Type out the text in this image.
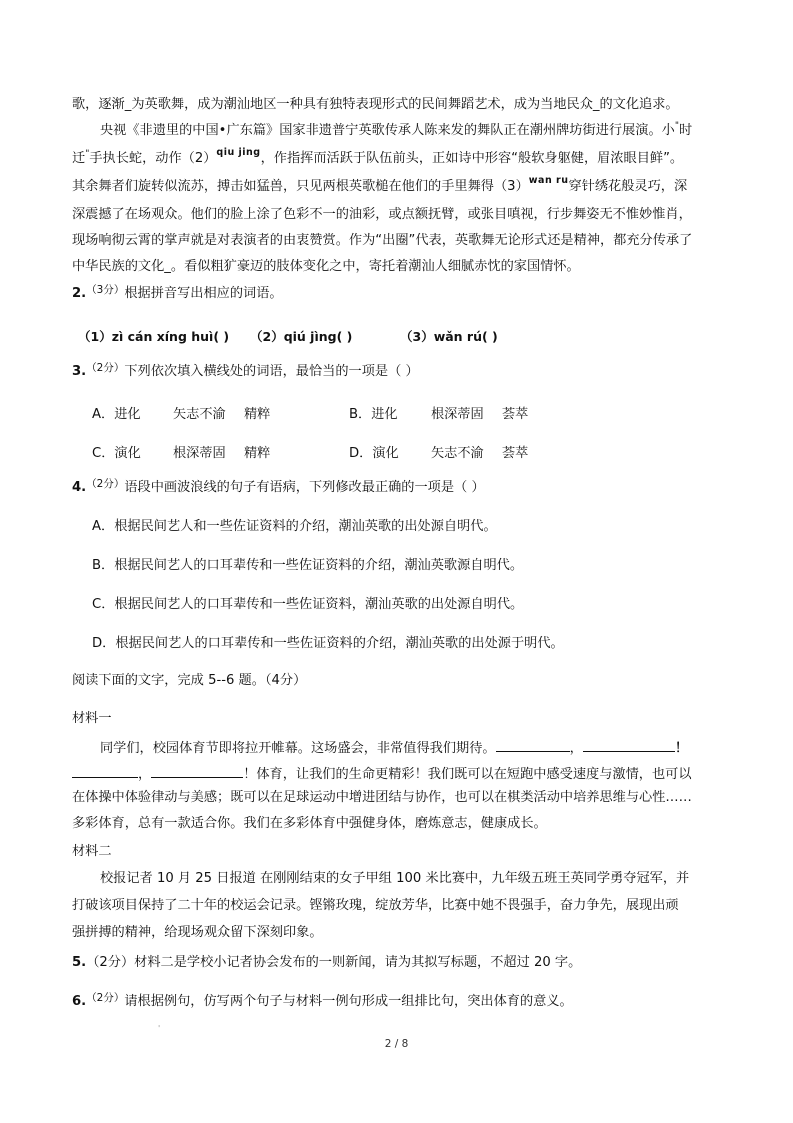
歌，逐渐_为英歌舞，成为潮汕地区一种具有独特表现形式的民间舞蹈艺术，成为当地民众_的文化追求。
央视《非遗里的中国•广东篇》国家非遗普宁英歌传承人陈来发的舞队正在潮州牌坊街进行展演。小"时
迁"手执长蛇，动作$(2)^{qiu jing}$，作指挥而活跃于队伍前头，正如诗中形容“般软身躯健，眉浓眼目鲜”。
其余舞者们旋转似流苏，搏击如猛兽，只见两根英歌槌在他们的手里舞得$(3)^{wan ru}$穿针绣花般灵巧，深
深震撼了在场观众。他们的脸上涂了色彩不一的油彩，或点额抚臂，或张目嗔视，行步舞姿无不惟妙惟肖，
现场响彻云霄的掌声就是对表演者的由衷赞赏。作为“出圈”代表，英歌舞无论形式还是精神，都充分传承了
中华民族的文化_。看似粗犷豪迈的肢体变化之中，寄托着潮汕人细腻赤忱的家国情怀。
2.$^{(3分)}$根据拼音写出相应的词语。
（1）zì cán xíng huì( ) （2）qiú jìng( )	（3）wǎn rú( )
3.$^{(2分)}$下列依次填入横线处的词语，最恰当的一项是（ ）
A．进化 矢志不渝 精粹	B．进化	根深蒂固 荟萃
C．演化 根深蒂固 精粹	D．演化 矢志不渝 荟萃
4.$^{(2分)}$语段中画波浪线的句子有语病，下列修改最正确的一项是（ ）
A．根据民间艺人和一些佐证资料的介绍，潮汕英歌的出处源自明代。
B．根据民间艺人的口耳辈传和一些佐证资料的介绍，潮汕英歌源自明代。
C．根据民间艺人的口耳辈传和一些佐证资料，潮汕英歌的出处源自明代。
D．根据民间艺人的口耳辈传和一些佐证资料的介绍，潮汕英歌的出处源于明代。
阅读下面的文字，完成 5--6 题。（4分）
材料一
同学们，校园体育节即将拉开帷幕。这场盛会，非常值得我们期待。	，	！
，	！体育，让我们的生命更精彩！我们既可以在短跑中感受速度与激情，也可以
在体操中体验律动与美感；既可以在足球运动中增进团结与协作，也可以在棋类活动中培养思维与心性……
多彩体育，总有一款适合你。我们在多彩体育中强健身体，磨炼意志，健康成长。
材料二
校报记者 10 月 25 日报道 在刚刚结束的女子甲组 100 米比赛中，九年级五班王英同学勇夺冠军，并
打破该项目保持了二十年的校运会记录。铿锵玫瑰，绽放芳华，比赛中她不畏强手，奋力争先，展现出顽
强拼搏的精神，给现场观众留下深刻印象。
5.（2分）材料二是学校小记者协会发布的一则新闻，请为其拟写标题，不超过 20 字。
6.$^{(2分)}$请根据例句，仿写两个句子与材料一例句形成一组排比句，突出体育的意义。
'
2 / 8
